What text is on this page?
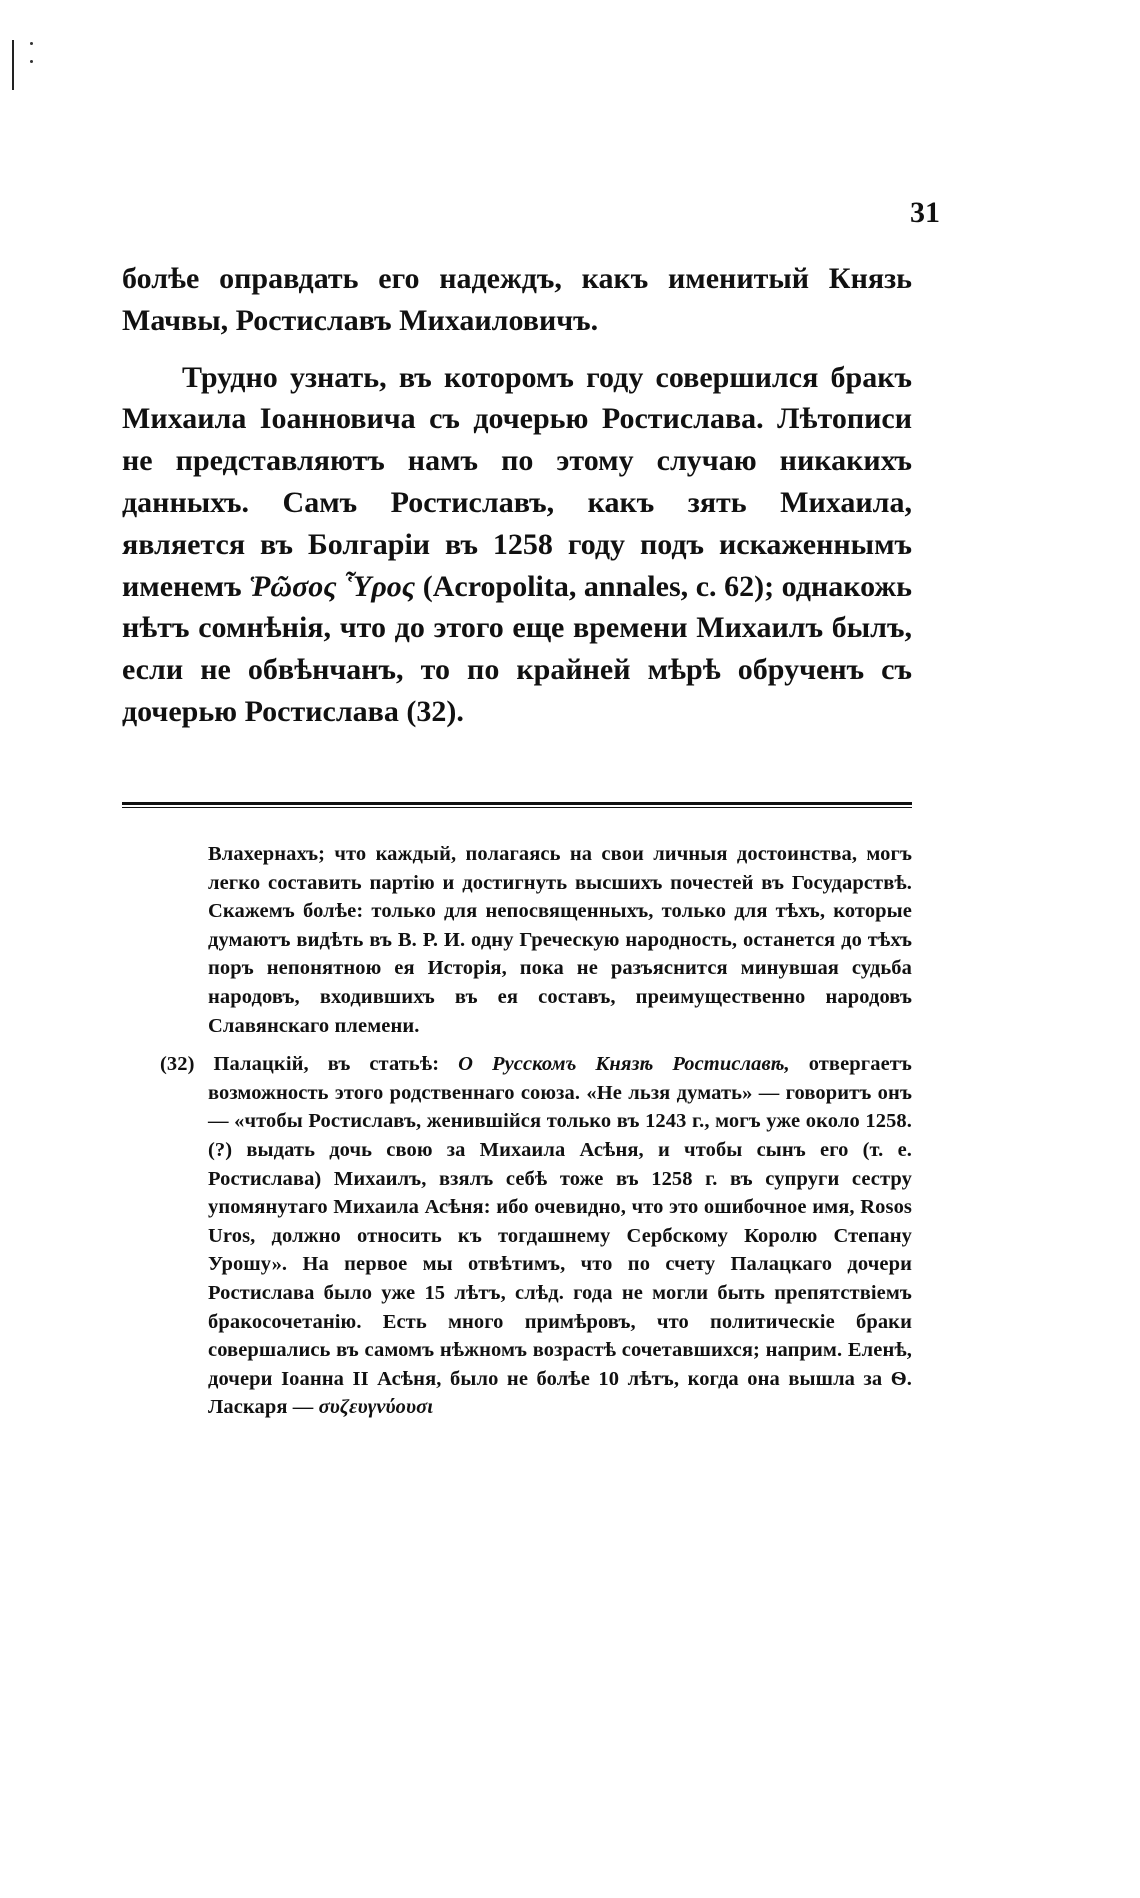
31

болѣе оправдать его надеждъ, какъ именитый Князь Мачвы, Ростиславъ Михаиловичъ.

Трудно узнать, въ которомъ году совершился бракъ Михаила Іоанновича съ дочерью Ростислава. Лѣтописи не представляютъ намъ по этому случаю никакихъ данныхъ. Самъ Ростиславъ, какъ зять Михаила, является въ Болгаріи въ 1258 году подъ искаженнымъ именемъ Ῥῶσος Ὗρος (Acropolita, annales, c. 62); однакожь нѣтъ сомнѣнія, что до этого еще времени Михаилъ былъ, если не обвѣнчанъ, то по крайней мѣрѣ обрученъ съ дочерью Ростислава (32).

Влахернахъ; что каждый, полагаясь на свои личныя достоинства, могъ легко составить партію и достигнуть высшихъ почестей въ Государствѣ. Скажемъ болѣе: только для непосвященныхъ, только для тѣхъ, которые думаютъ видѣть въ В. Р. И. одну Греческую народность, останется до тѣхъ поръ непонятною ея Исторія, пока не разъяснится минувшая судьба народовъ, входившихъ въ ея составъ, преимущественно народовъ Славянскаго племени.

(32) Палацкій, въ статьѣ: О Русскомъ Князѣ Ростиславѣ, отвергаетъ возможность этого родственнаго союза. «Не льзя думать» — говоритъ онъ — «чтобы Ростиславъ, женившійся только въ 1243 г., могъ уже около 1258. (?) выдать дочь свою за Михаила Асѣня, и чтобы сынъ его (т. е. Ростислава) Михаилъ, взялъ себѣ тоже въ 1258 г. въ супруги сестру упомянутаго Михаила Асѣня: ибо очевидно, что это ошибочное имя, Rosos Uros, должно относить къ тогдашнему Сербскому Королю Степану Урошу». На первое мы отвѣтимъ, что по счету Палацкаго дочери Ростислава было уже 15 лѣтъ, слѣд. года не могли быть препятствіемъ бракосочетанію. Есть много примѣровъ, что политическіе браки совершались въ самомъ нѣжномъ возрастѣ сочетавшихся; наприм. Еленѣ, дочери Іоанна II Асѣня, было не болѣе 10 лѣтъ, когда она вышла за Ѳ. Ласкаря — συζευγνύουσι
